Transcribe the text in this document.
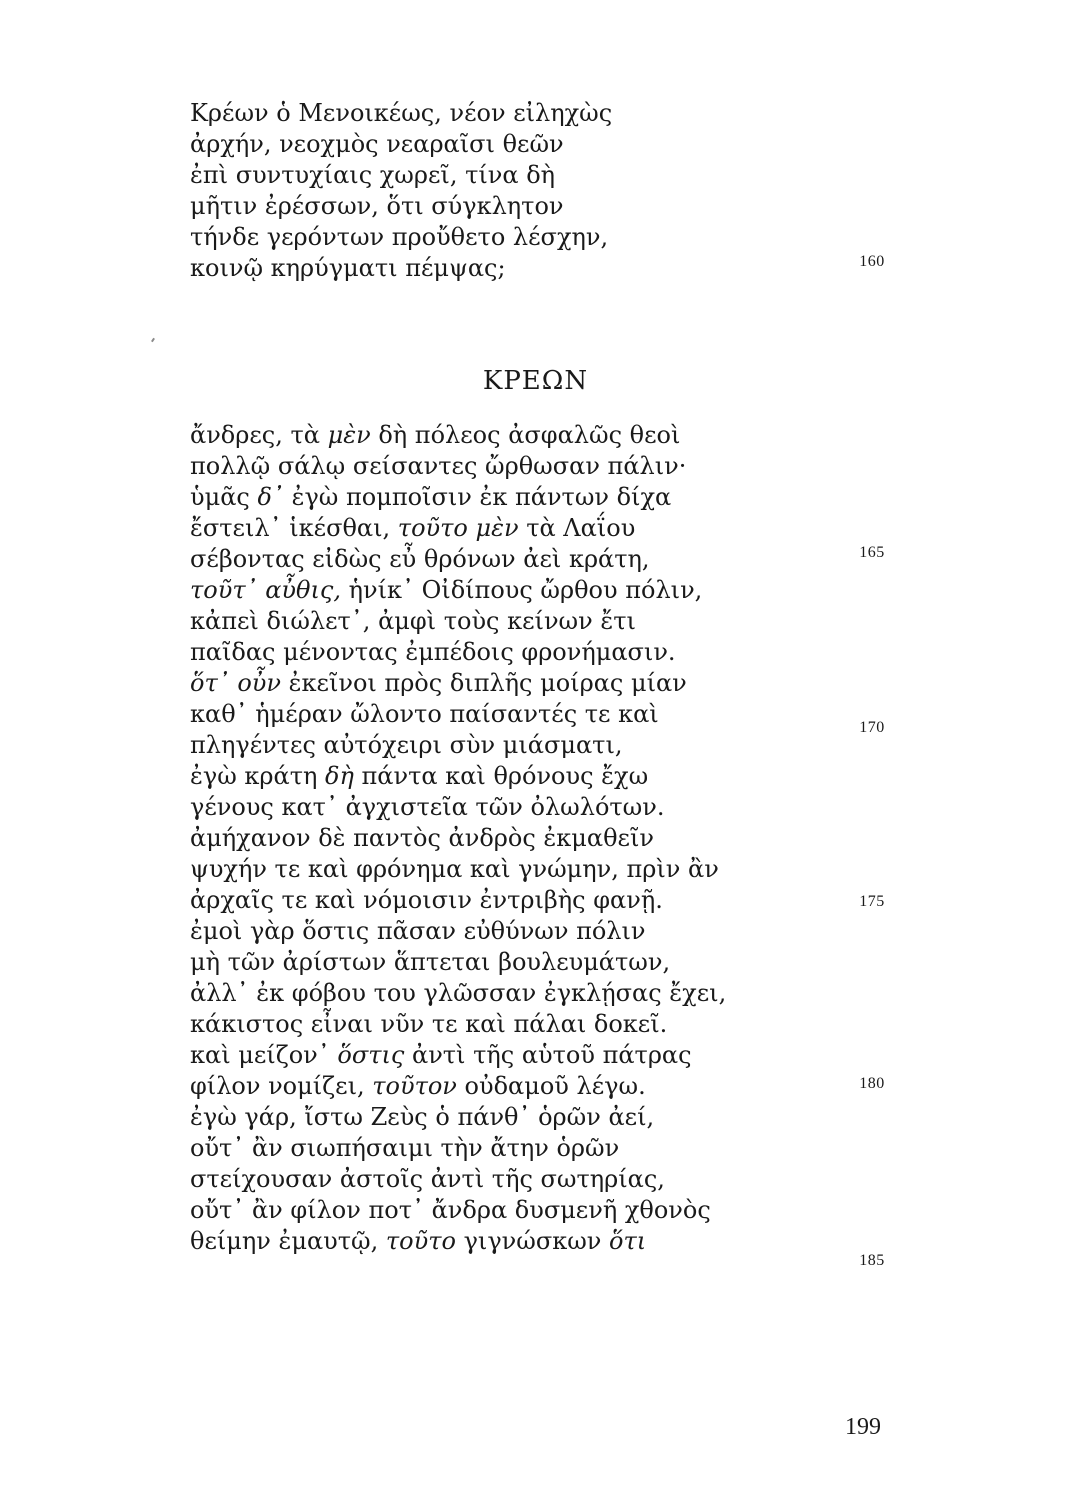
Κρέων ὁ Μενοικέως, νέον εἰληχὼς
ἀρχήν, νεοχμὸς νεαραῖσι θεῶν
ἐπὶ συντυχίαις χωρεῖ, τίνα δὴ
μῆτιν ἐρέσσων, ὅτι σύγκλητον
τήνδε γερόντων προὔθετο λέσχην,
κοινῷ κηρύγματι πέμψας;	160
ΚΡΕΩΝ
ἄνδρες, τὰ μὲν δὴ πόλεος ἀσφαλῶς θεοὶ
πολλῷ σάλῳ σείσαντες ὤρθωσαν πάλιν·
ὑμᾶς δ᾽ ἐγὼ πομποῖσιν ἐκ πάντων δίχα
ἔστειλ᾽ ἱκέσθαι, τοῦτο μὲν τὰ Λαΐου
σέβοντας εἰδὼς εὖ θρόνων ἀεὶ κράτη,
τοῦτ᾽ αὖθις, ἡνίκ᾽ Οἰδίπους ὤρθου πόλιν,
κἀπεὶ διώλετ᾽, ἀμφὶ τοὺς κείνων ἔτι
παῖδας μένοντας ἐμπέδοις φρονήμασιν.
ὅτ᾽ οὖν ἐκεῖνοι πρὸς διπλῆς μοίρας μίαν
καθ᾽ ἡμέραν ὤλοντο παίσαντές τε καὶ
πληγέντες αὐτόχειρι σὺν μιάσματι,
ἐγὼ κράτη δὴ πάντα καὶ θρόνους ἔχω
γένους κατ᾽ ἀγχιστεῖα τῶν ὀλωλότων.
ἀμήχανον δὲ παντὸς ἀνδρὸς ἐκμαθεῖν
ψυχήν τε καὶ φρόνημα καὶ γνώμην, πρὶν ἂν
ἀρχαῖς τε καὶ νόμοισιν ἐντριβὴς φανῇ.
ἐμοὶ γὰρ ὅστις πᾶσαν εὐθύνων πόλιν
μὴ τῶν ἀρίστων ἅπτεται βουλευμάτων,
ἀλλ᾽ ἐκ φόβου του γλῶσσαν ἐγκλῄσας ἔχει,
κάκιστος εἶναι νῦν τε καὶ πάλαι δοκεῖ.
καὶ μείζον᾽ ὅστις ἀντὶ τῆς αὑτοῦ πάτρας
φίλον νομίζει, τοῦτον οὐδαμοῦ λέγω.
ἐγὼ γάρ, ἴστω Ζεὺς ὁ πάνθ᾽ ὁρῶν ἀεί,
οὔτ᾽ ἂν σιωπήσαιμι τὴν ἄτην ὁρῶν
στείχουσαν ἀστοῖς ἀντὶ τῆς σωτηρίας,
οὔτ᾽ ἂν φίλον ποτ᾽ ἄνδρα δυσμενῆ χθονὸς
θείμην ἐμαυτῷ, τοῦτο γιγνώσκων ὅτι
165
170
175
180
185
199
